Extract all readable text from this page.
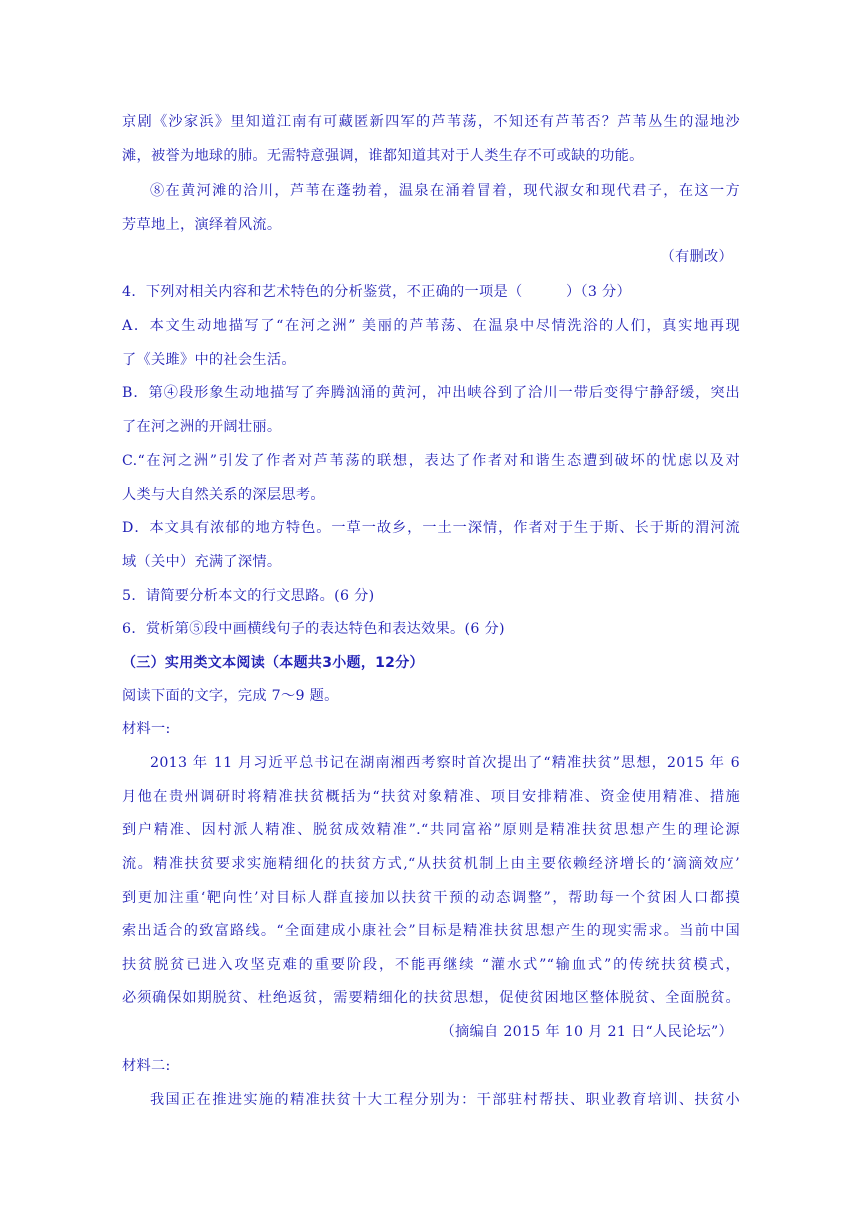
京剧《沙家浜》里知道江南有可藏匿新四军的芦苇荡，不知还有芦苇否？芦苇丛生的湿地沙
滩，被誉为地球的肺。无需特意强调，谁都知道其对于人类生存不可或缺的功能。
⑧在黄河滩的洽川，芦苇在蓬勃着，温泉在涌着冒着，现代淑女和现代君子，在这一方
芳草地上，演绎着风流。
（有删改）
4．下列对相关内容和艺术特色的分析鉴赏，不正确的一项是（　　　）（3 分）
A．本文生动地描写了“在河之洲” 美丽的芦苇荡、在温泉中尽情洗浴的人们，真实地再现
了《关雎》中的社会生活。
B．第④段形象生动地描写了奔腾汹涌的黄河，冲出峡谷到了洽川一带后变得宁静舒缓，突出
了在河之洲的开阔壮丽。
C.“在河之洲”引发了作者对芦苇荡的联想，表达了作者对和谐生态遭到破坏的忧虑以及对
人类与大自然关系的深层思考。
D．本文具有浓郁的地方特色。一草一故乡，一土一深情，作者对于生于斯、长于斯的渭河流
域（关中）充满了深情。
5．请简要分析本文的行文思路。(6 分)
6．赏析第⑤段中画横线句子的表达特色和表达效果。(6 分)
（三）实用类文本阅读（本题共3小题，12分）
阅读下面的文字，完成 7～9 题。
材料一:
2013 年 11 月习近平总书记在湖南湘西考察时首次提出了“精准扶贫”思想，2015 年 6
月他在贵州调研时将精准扶贫概括为“扶贫对象精准、项目安排精准、资金使用精准、措施
到户精准、因村派人精准、脱贫成效精准”.“共同富裕”原则是精准扶贫思想产生的理论源
流。精准扶贫要求实施精细化的扶贫方式,“从扶贫机制上由主要依赖经济增长的‘滴滴效应’
到更加注重‘靶向性’对目标人群直接加以扶贫干预的动态调整”，帮助每一个贫困人口都摸
索出适合的致富路线。“全面建成小康社会”目标是精准扶贫思想产生的现实需求。当前中国
扶贫脱贫已进入攻坚克难的重要阶段，不能再继续 “灌水式”“输血式”的传统扶贫模式，
必须确保如期脱贫、杜绝返贫，需要精细化的扶贫思想，促使贫困地区整体脱贫、全面脱贫。
（摘编自 2015 年 10 月 21 日“人民论坛”）
材料二:
我国正在推进实施的精准扶贫十大工程分别为：干部驻村帮扶、职业教育培训、扶贫小
